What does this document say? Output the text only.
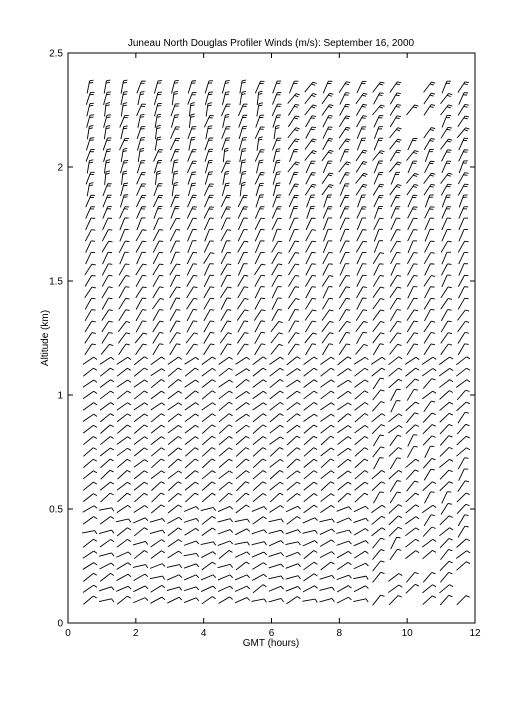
Juneau North Douglas Profiler Winds (m/s): September 16, 2000
0	2	4	6	8	10	12
0
0.5
1
1.5
2
2.5
GMT (hours)
Altitude (km)
